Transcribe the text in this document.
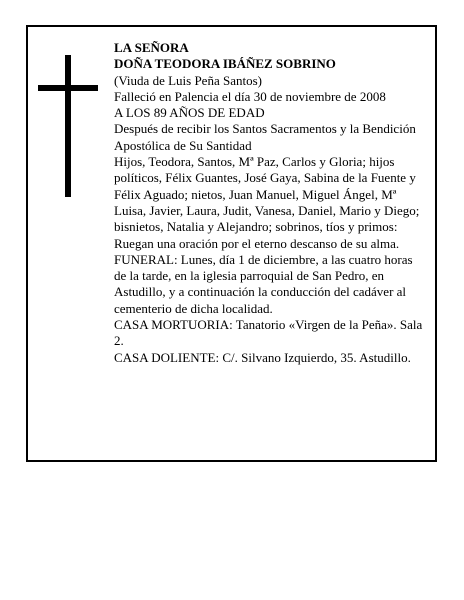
LA SEÑORA

DOÑA TEODORA IBÁÑEZ SOBRINO

(Viuda de Luis Peña Santos)

Falleció en Palencia el día 30 de noviembre de 2008

A LOS 89 AÑOS DE EDAD

Después de recibir los Santos Sacramentos y la Bendición Apostólica de Su Santidad

Hijos, Teodora, Santos, Mª Paz, Carlos y Gloria; hijos políticos, Félix Guantes, José Gaya, Sabina de la Fuente y Félix Aguado; nietos, Juan Manuel, Miguel Ángel, Mª Luisa, Javier, Laura, Judit, Vanesa, Daniel, Mario y Diego; bisnietos, Natalia y Alejandro; sobrinos, tíos y primos:

Ruegan una oración por el eterno descanso de su alma.

FUNERAL: Lunes, día 1 de diciembre, a las cuatro horas de la tarde, en la iglesia parroquial de San Pedro, en Astudillo, y a continuación la conducción del cadáver al cementerio de dicha localidad.

CASA MORTUORIA: Tanatorio «Virgen de la Peña». Sala 2.

CASA DOLIENTE: C/. Silvano Izquierdo, 35. Astudillo.
